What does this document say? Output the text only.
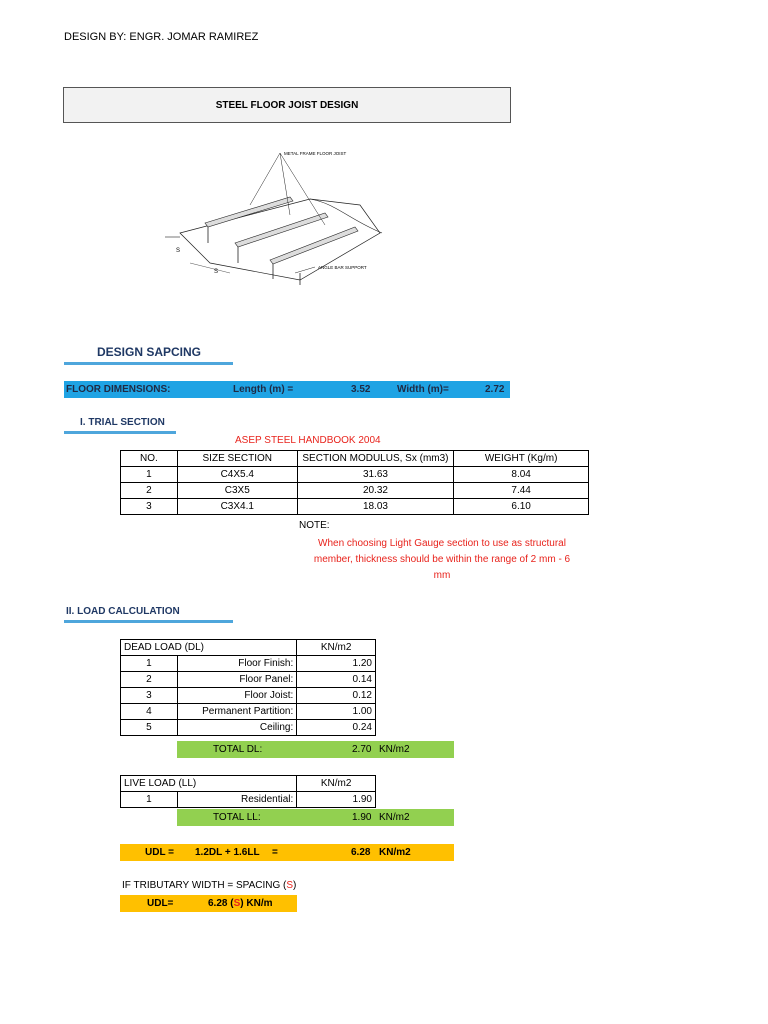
DESIGN BY: ENGR. JOMAR RAMIREZ
STEEL FLOOR JOIST DESIGN
METAL FRAME FLOOR JOIST
ANGLE BAR SUPPORT
S
S
DESIGN SAPCING
FLOOR DIMENSIONS:	Length (m) =	3.52	Width (m)=	2.72
I. TRIAL SECTION
ASEP STEEL HANDBOOK 2004
NO.	SIZE SECTION	SECTION MODULUS, Sx (mm3)	WEIGHT (Kg/m)
1	C4X5.4	31.63	8.04
2	C3X5	20.32	7.44
3	C3X4.1	18.03	6.10
NOTE:
When choosing Light Gauge section to use as structural
member, thickness should be within the range of 2 mm - 6
mm
II. LOAD CALCULATION
DEAD LOAD (DL)		KN/m2
1	Floor Finish:	1.20
2	Floor Panel:	0.14
3	Floor Joist:	0.12
4	Permanent Partition:	1.00
5	Ceiling:	0.24
TOTAL DL:	2.70 KN/m2
LIVE LOAD (LL)		KN/m2
1	Residential:	1.90
TOTAL LL:	1.90 KN/m2
UDL = 1.2DL + 1.6LL =	6.28 KN/m2
IF TRIBUTARY WIDTH = SPACING (S)
UDL=	6.28 (S) KN/m
